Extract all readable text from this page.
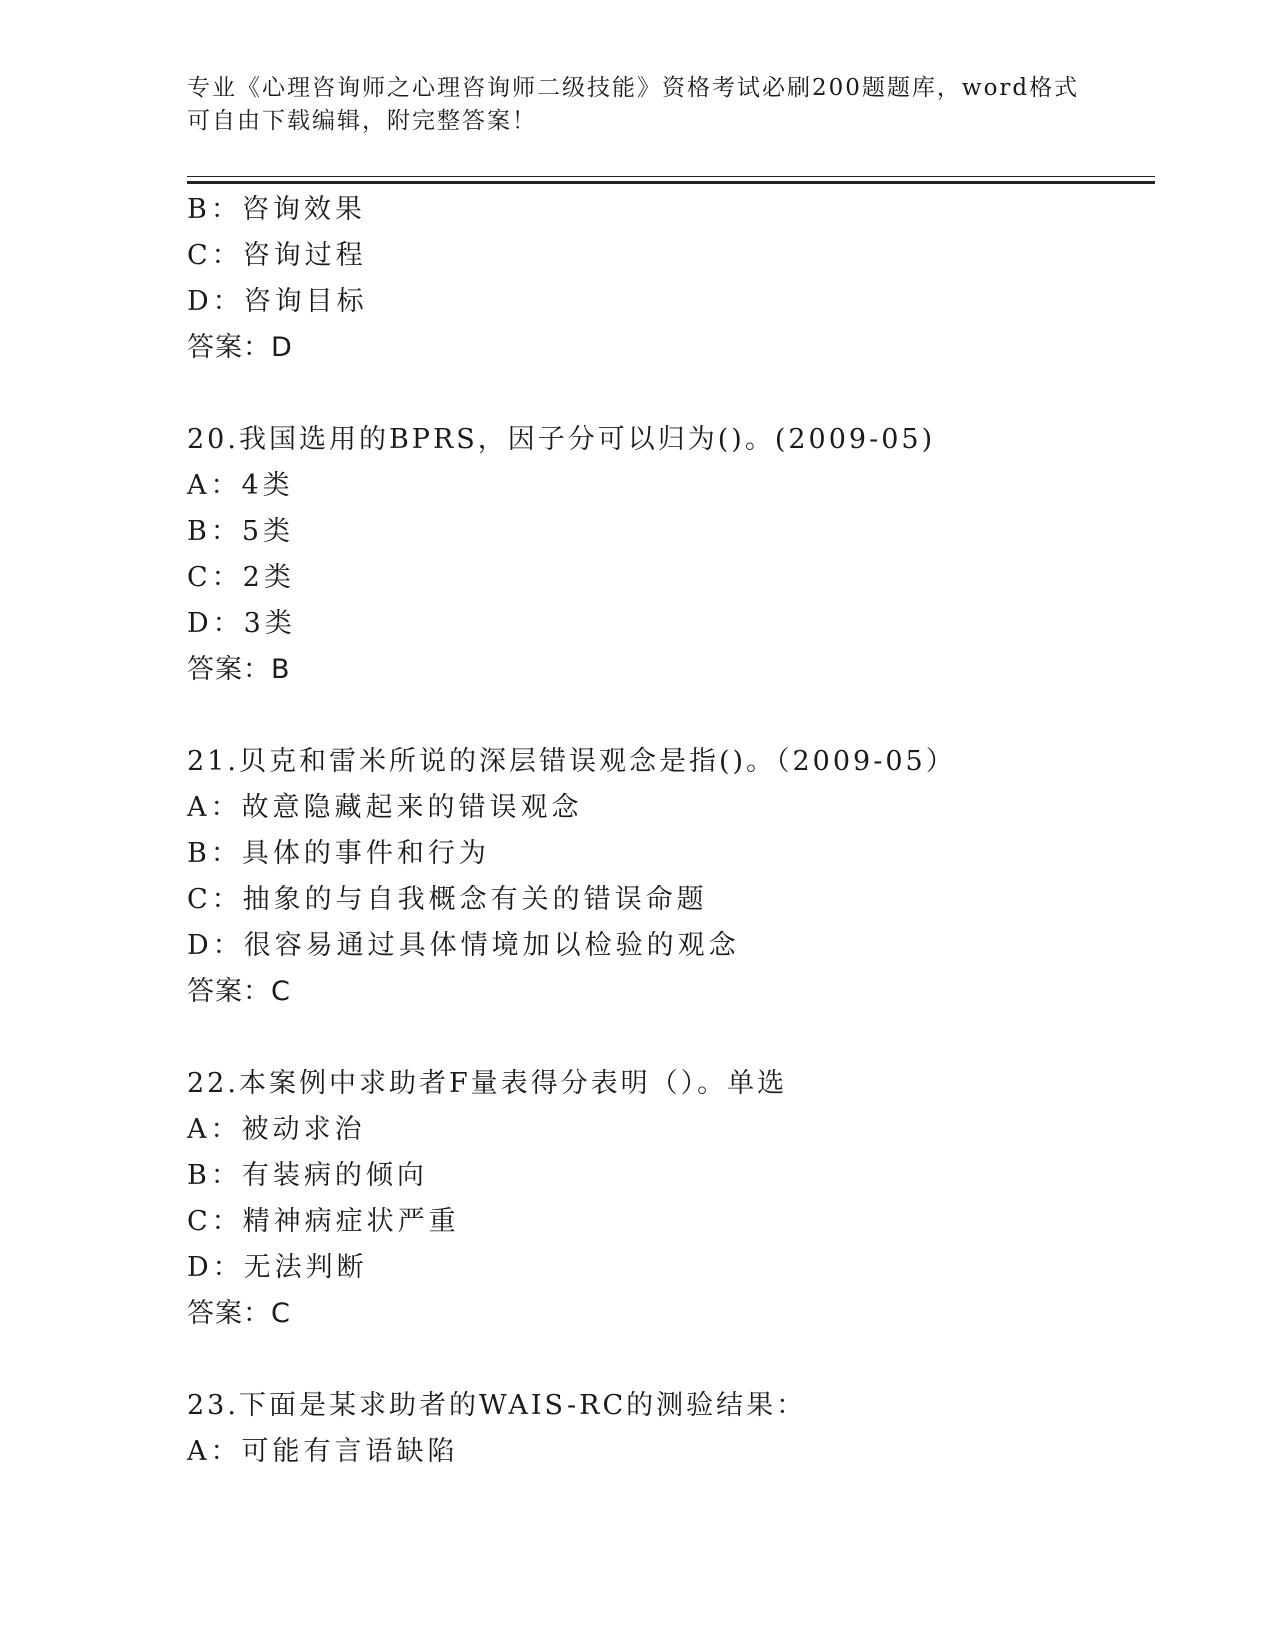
专业《心理咨询师之心理咨询师二级技能》资格考试必刷200题题库，word格式
可自由下载编辑，附完整答案！
B：咨询效果
C：咨询过程
D：咨询目标
答案：D
20.我国选用的BPRS，因子分可以归为()。(2009-05)
A：4类
B：5类
C：2类
D：3类
答案：B
21.贝克和雷米所说的深层错误观念是指()。（2009-05）
A：故意隐藏起来的错误观念
B：具体的事件和行为
C：抽象的与自我概念有关的错误命题
D：很容易通过具体情境加以检验的观念
答案：C
22.本案例中求助者F量表得分表明（）。单选
A：被动求治
B：有装病的倾向
C：精神病症状严重
D：无法判断
答案：C
23.下面是某求助者的WAIS-RC的测验结果：
A：可能有言语缺陷
